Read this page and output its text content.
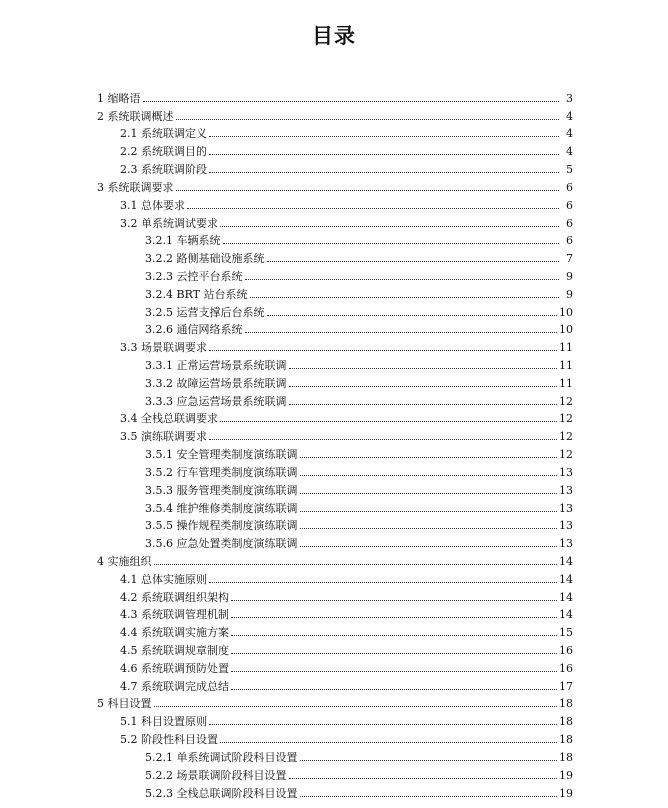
目录
1 缩略语	3
2 系统联调概述	4
2.1 系统联调定义	4
2.2 系统联调目的	4
2.3 系统联调阶段	5
3 系统联调要求	6
3.1 总体要求	6
3.2 单系统调试要求	6
3.2.1 车辆系统	6
3.2.2 路侧基础设施系统	7
3.2.3 云控平台系统	9
3.2.4 BRT 站台系统	9
3.2.5 运营支撑后台系统	10
3.2.6 通信网络系统	10
3.3 场景联调要求	11
3.3.1 正常运营场景系统联调	11
3.3.2 故障运营场景系统联调	11
3.3.3 应急运营场景系统联调	12
3.4 全栈总联调要求	12
3.5 演练联调要求	12
3.5.1 安全管理类制度演练联调	12
3.5.2 行车管理类制度演练联调	13
3.5.3 服务管理类制度演练联调	13
3.5.4 维护维修类制度演练联调	13
3.5.5 操作规程类制度演练联调	13
3.5.6 应急处置类制度演练联调	13
4 实施组织	14
4.1 总体实施原则	14
4.2 系统联调组织架构	14
4.3 系统联调管理机制	14
4.4 系统联调实施方案	15
4.5 系统联调规章制度	16
4.6 系统联调预防处置	16
4.7 系统联调完成总结	17
5 科目设置	18
5.1 科目设置原则	18
5.2 阶段性科目设置	18
5.2.1 单系统调试阶段科目设置	18
5.2.2 场景联调阶段科目设置	19
5.2.3 全栈总联调阶段科目设置	19
